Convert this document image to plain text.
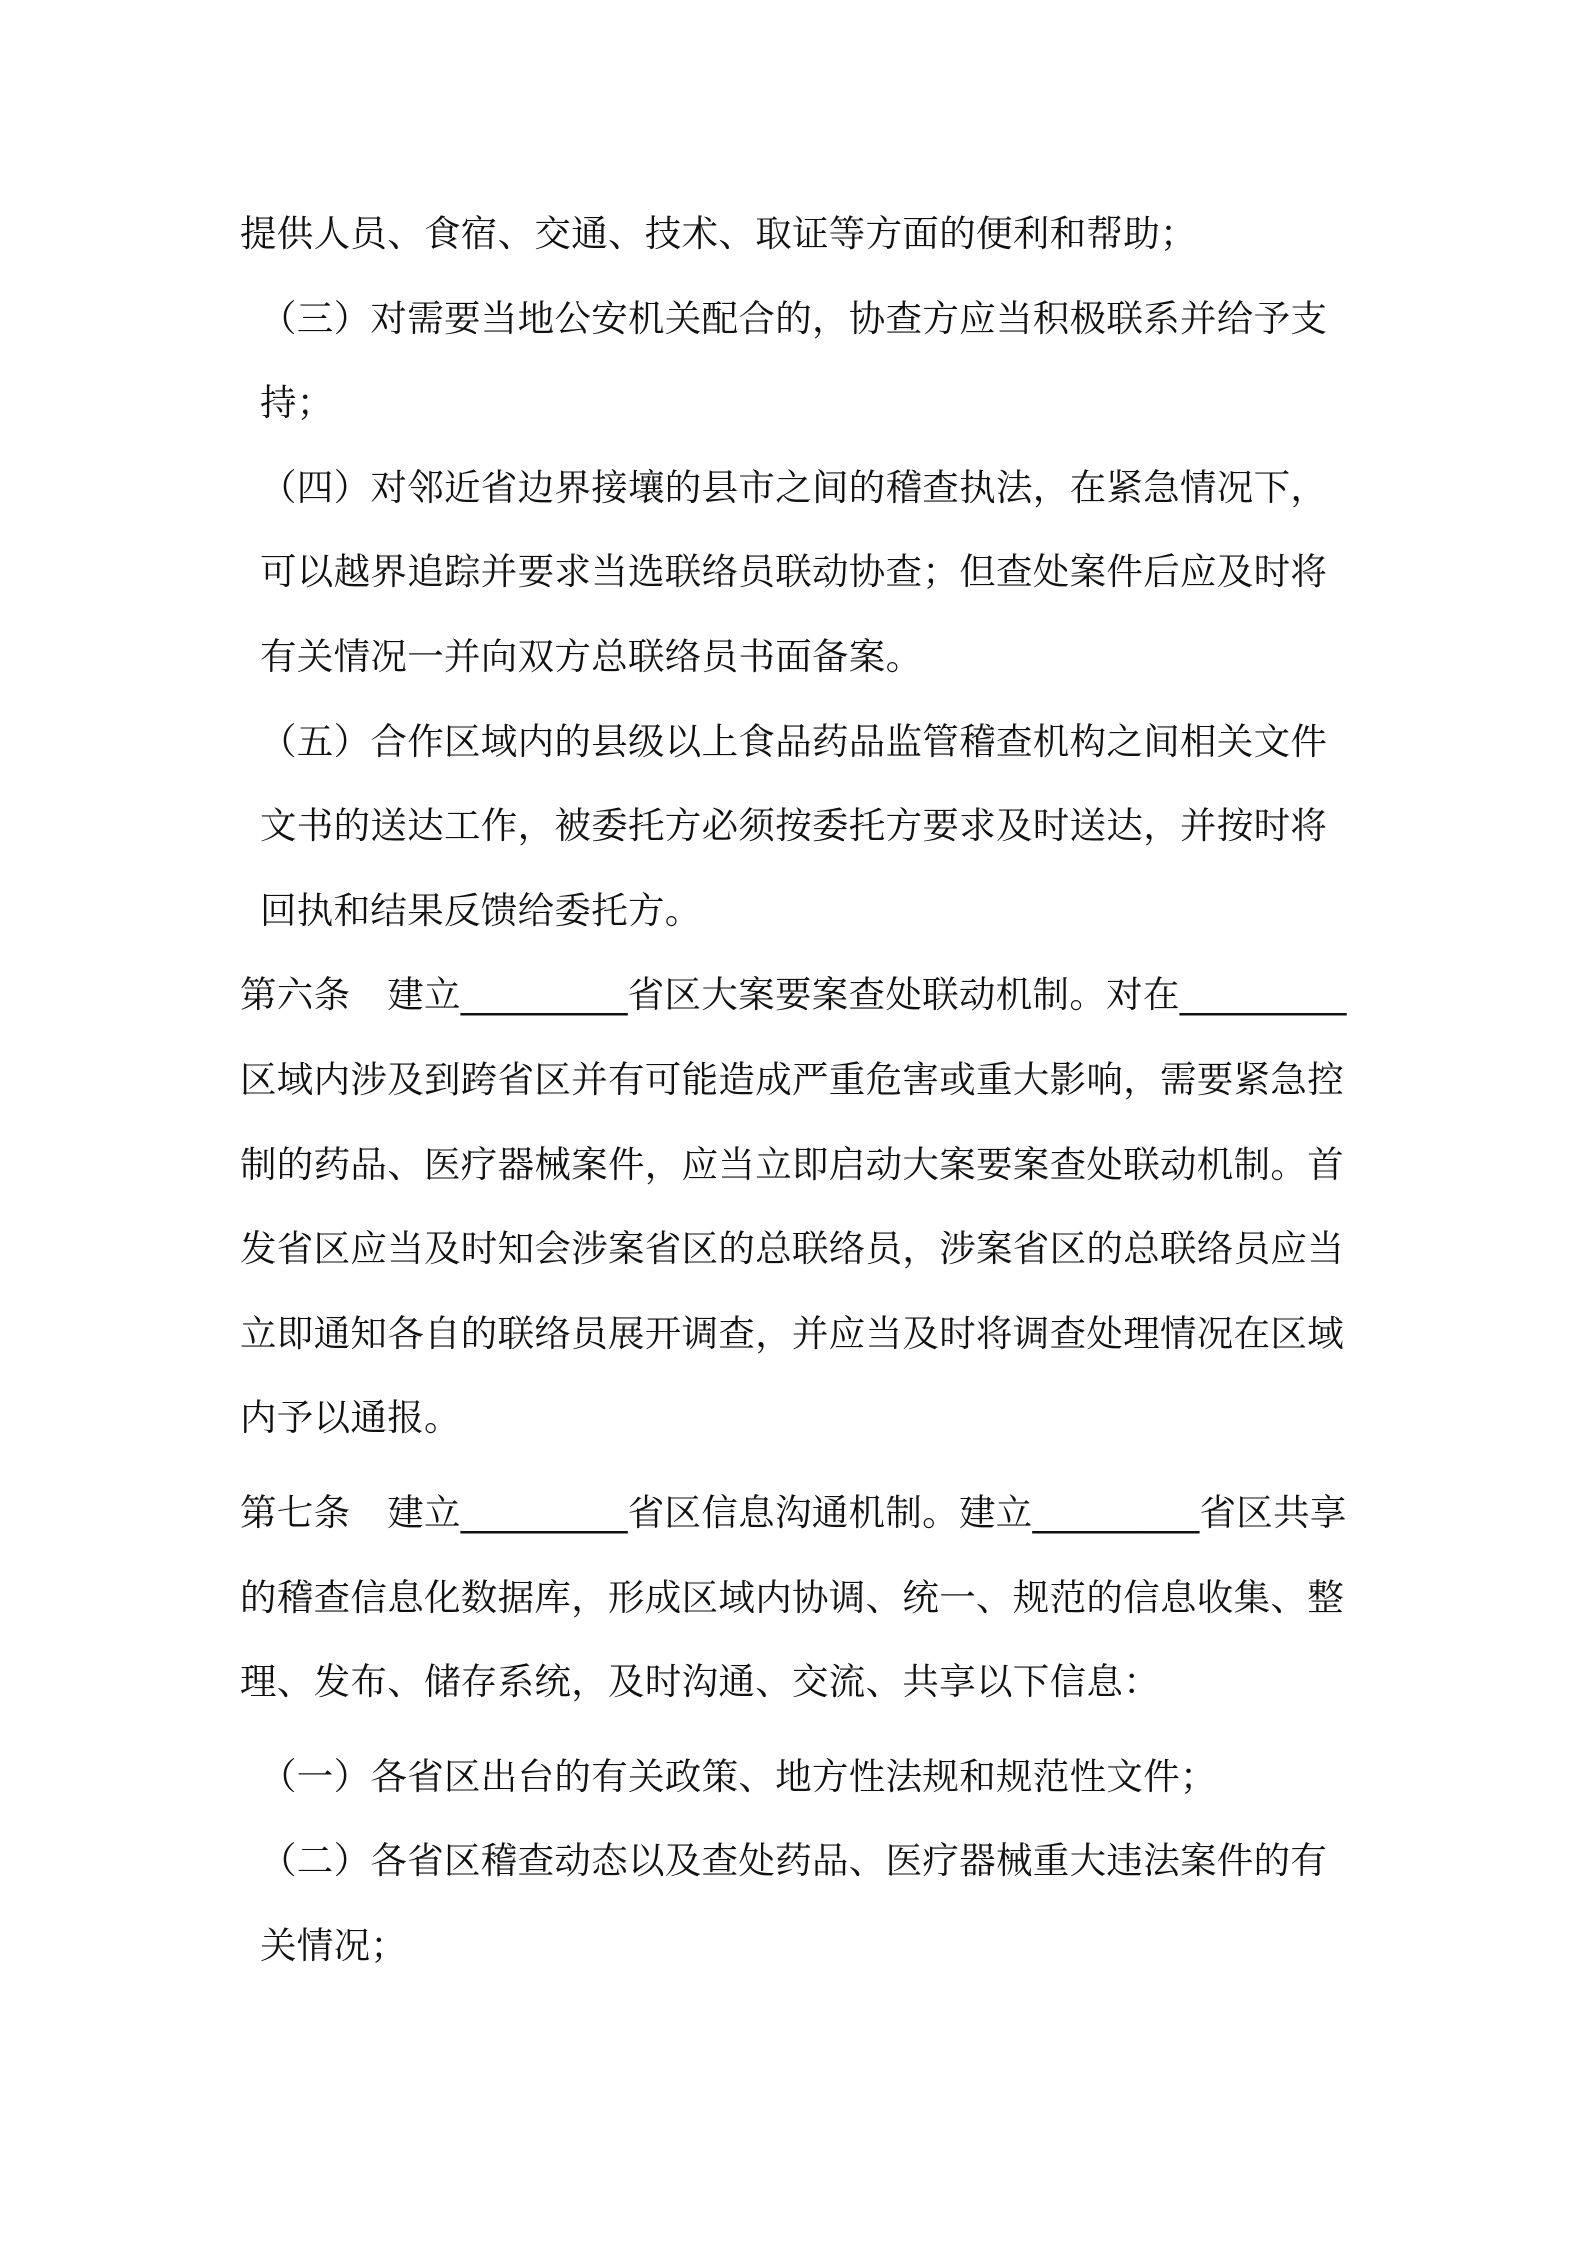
提供人员、食宿、交通、技术、取证等方面的便利和帮助；

（三）对需要当地公安机关配合的，协查方应当积极联系并给予支持；

（四）对邻近省边界接壤的县市之间的稽查执法，在紧急情况下，可以越界追踪并要求当选联络员联动协查；但查处案件后应及时将有关情况一并向双方总联络员书面备案。

（五）合作区域内的县级以上食品药品监管稽查机构之间相关文件文书的送达工作，被委托方必须按委托方要求及时送达，并按时将回执和结果反馈给委托方。

第六条　建立_________省区大案要案查处联动机制。对在_________区域内涉及到跨省区并有可能造成严重危害或重大影响，需要紧急控制的药品、医疗器械案件，应当立即启动大案要案查处联动机制。首发省区应当及时知会涉案省区的总联络员，涉案省区的总联络员应当立即通知各自的联络员展开调查，并应当及时将调查处理情况在区域内予以通报。

第七条　建立_________省区信息沟通机制。建立_________省区共享的稽查信息化数据库，形成区域内协调、统一、规范的信息收集、整理、发布、储存系统，及时沟通、交流、共享以下信息：

（一）各省区出台的有关政策、地方性法规和规范性文件；

（二）各省区稽查动态以及查处药品、医疗器械重大违法案件的有关情况；
